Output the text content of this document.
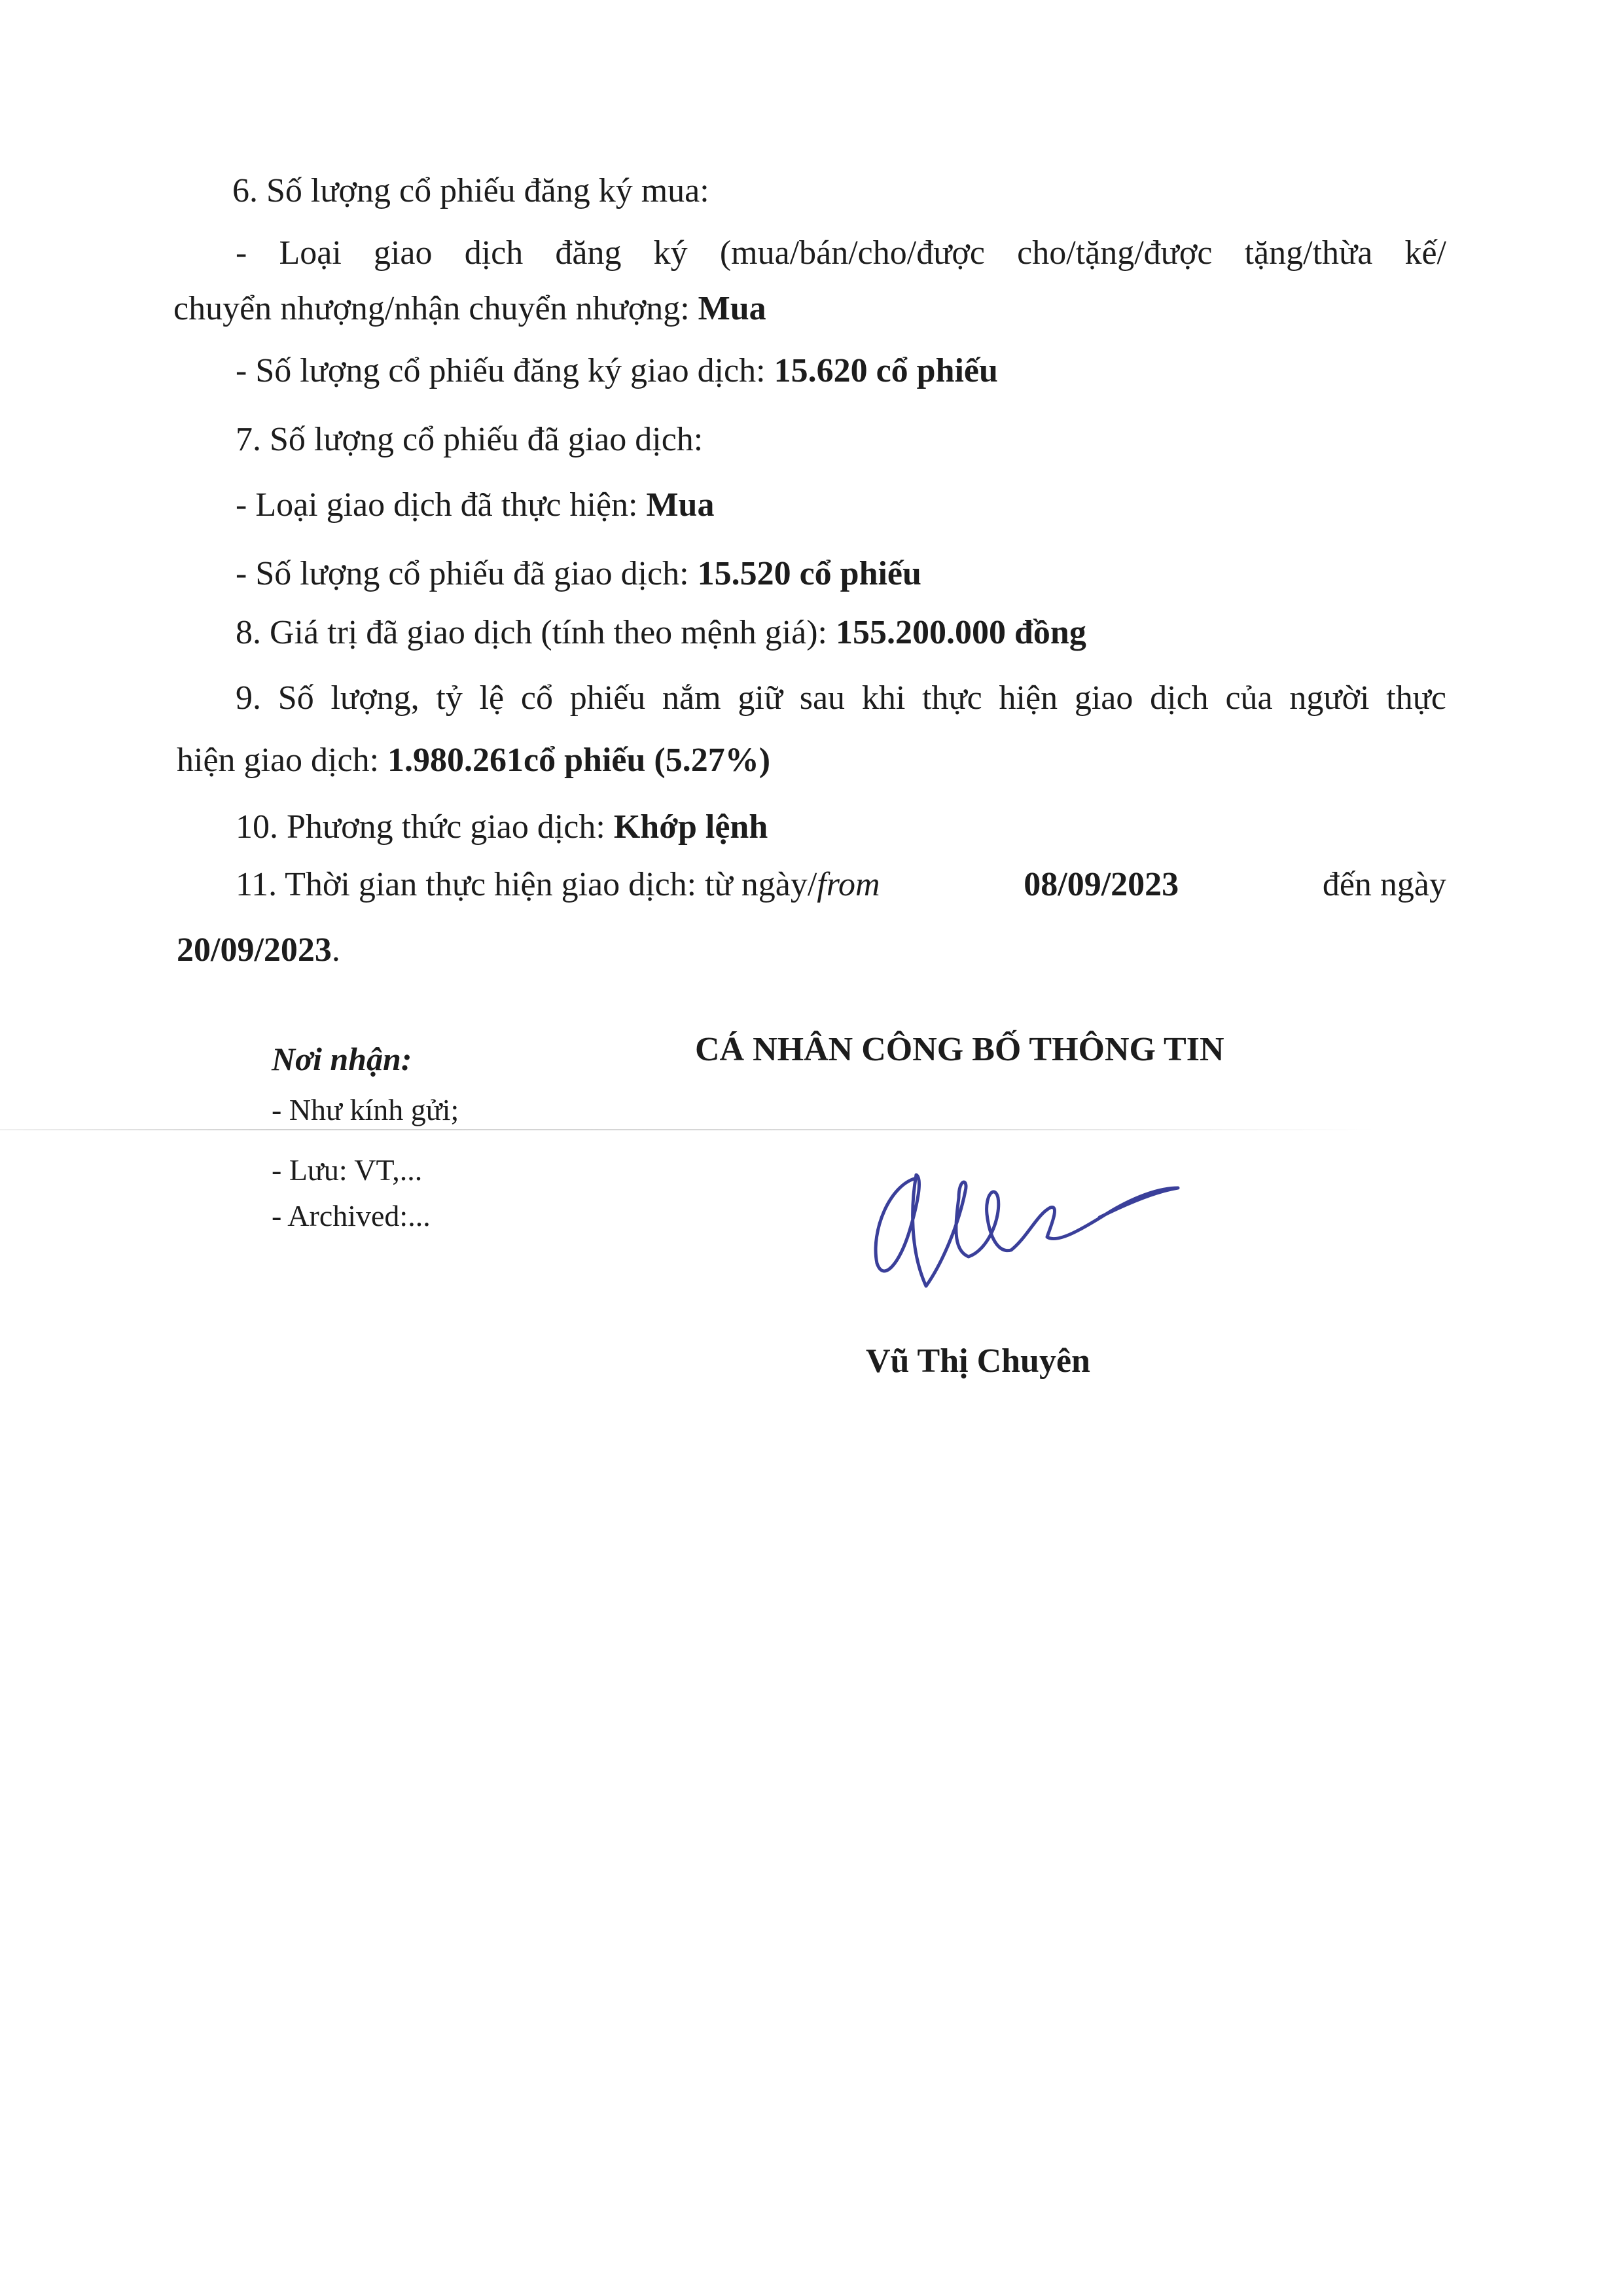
6. Số lượng cổ phiếu đăng ký mua:
- Loại giao dịch đăng ký (mua/bán/cho/được cho/tặng/được tặng/thừa kế/
chuyển nhượng/nhận chuyển nhượng: Mua
- Số lượng cổ phiếu đăng ký giao dịch: 15.620 cổ phiếu
7. Số lượng cổ phiếu đã giao dịch:
- Loại giao dịch đã thực hiện: Mua
- Số lượng cổ phiếu đã giao dịch: 15.520 cổ phiếu
8. Giá trị đã giao dịch (tính theo mệnh giá): 155.200.000 đồng
9. Số lượng, tỷ lệ cổ phiếu nắm giữ sau khi thực hiện giao dịch của người thực
hiện giao dịch: 1.980.261cổ phiếu (5.27%)
10. Phương thức giao dịch: Khớp lệnh
11. Thời gian thực hiện giao dịch: từ ngày/from	08/09/2023	đến ngày
20/09/2023.
Nơi nhận:
- Như kính gửi;
- Lưu: VT,...
- Archived:...
CÁ NHÂN CÔNG BỐ THÔNG TIN
Vũ Thị Chuyên
